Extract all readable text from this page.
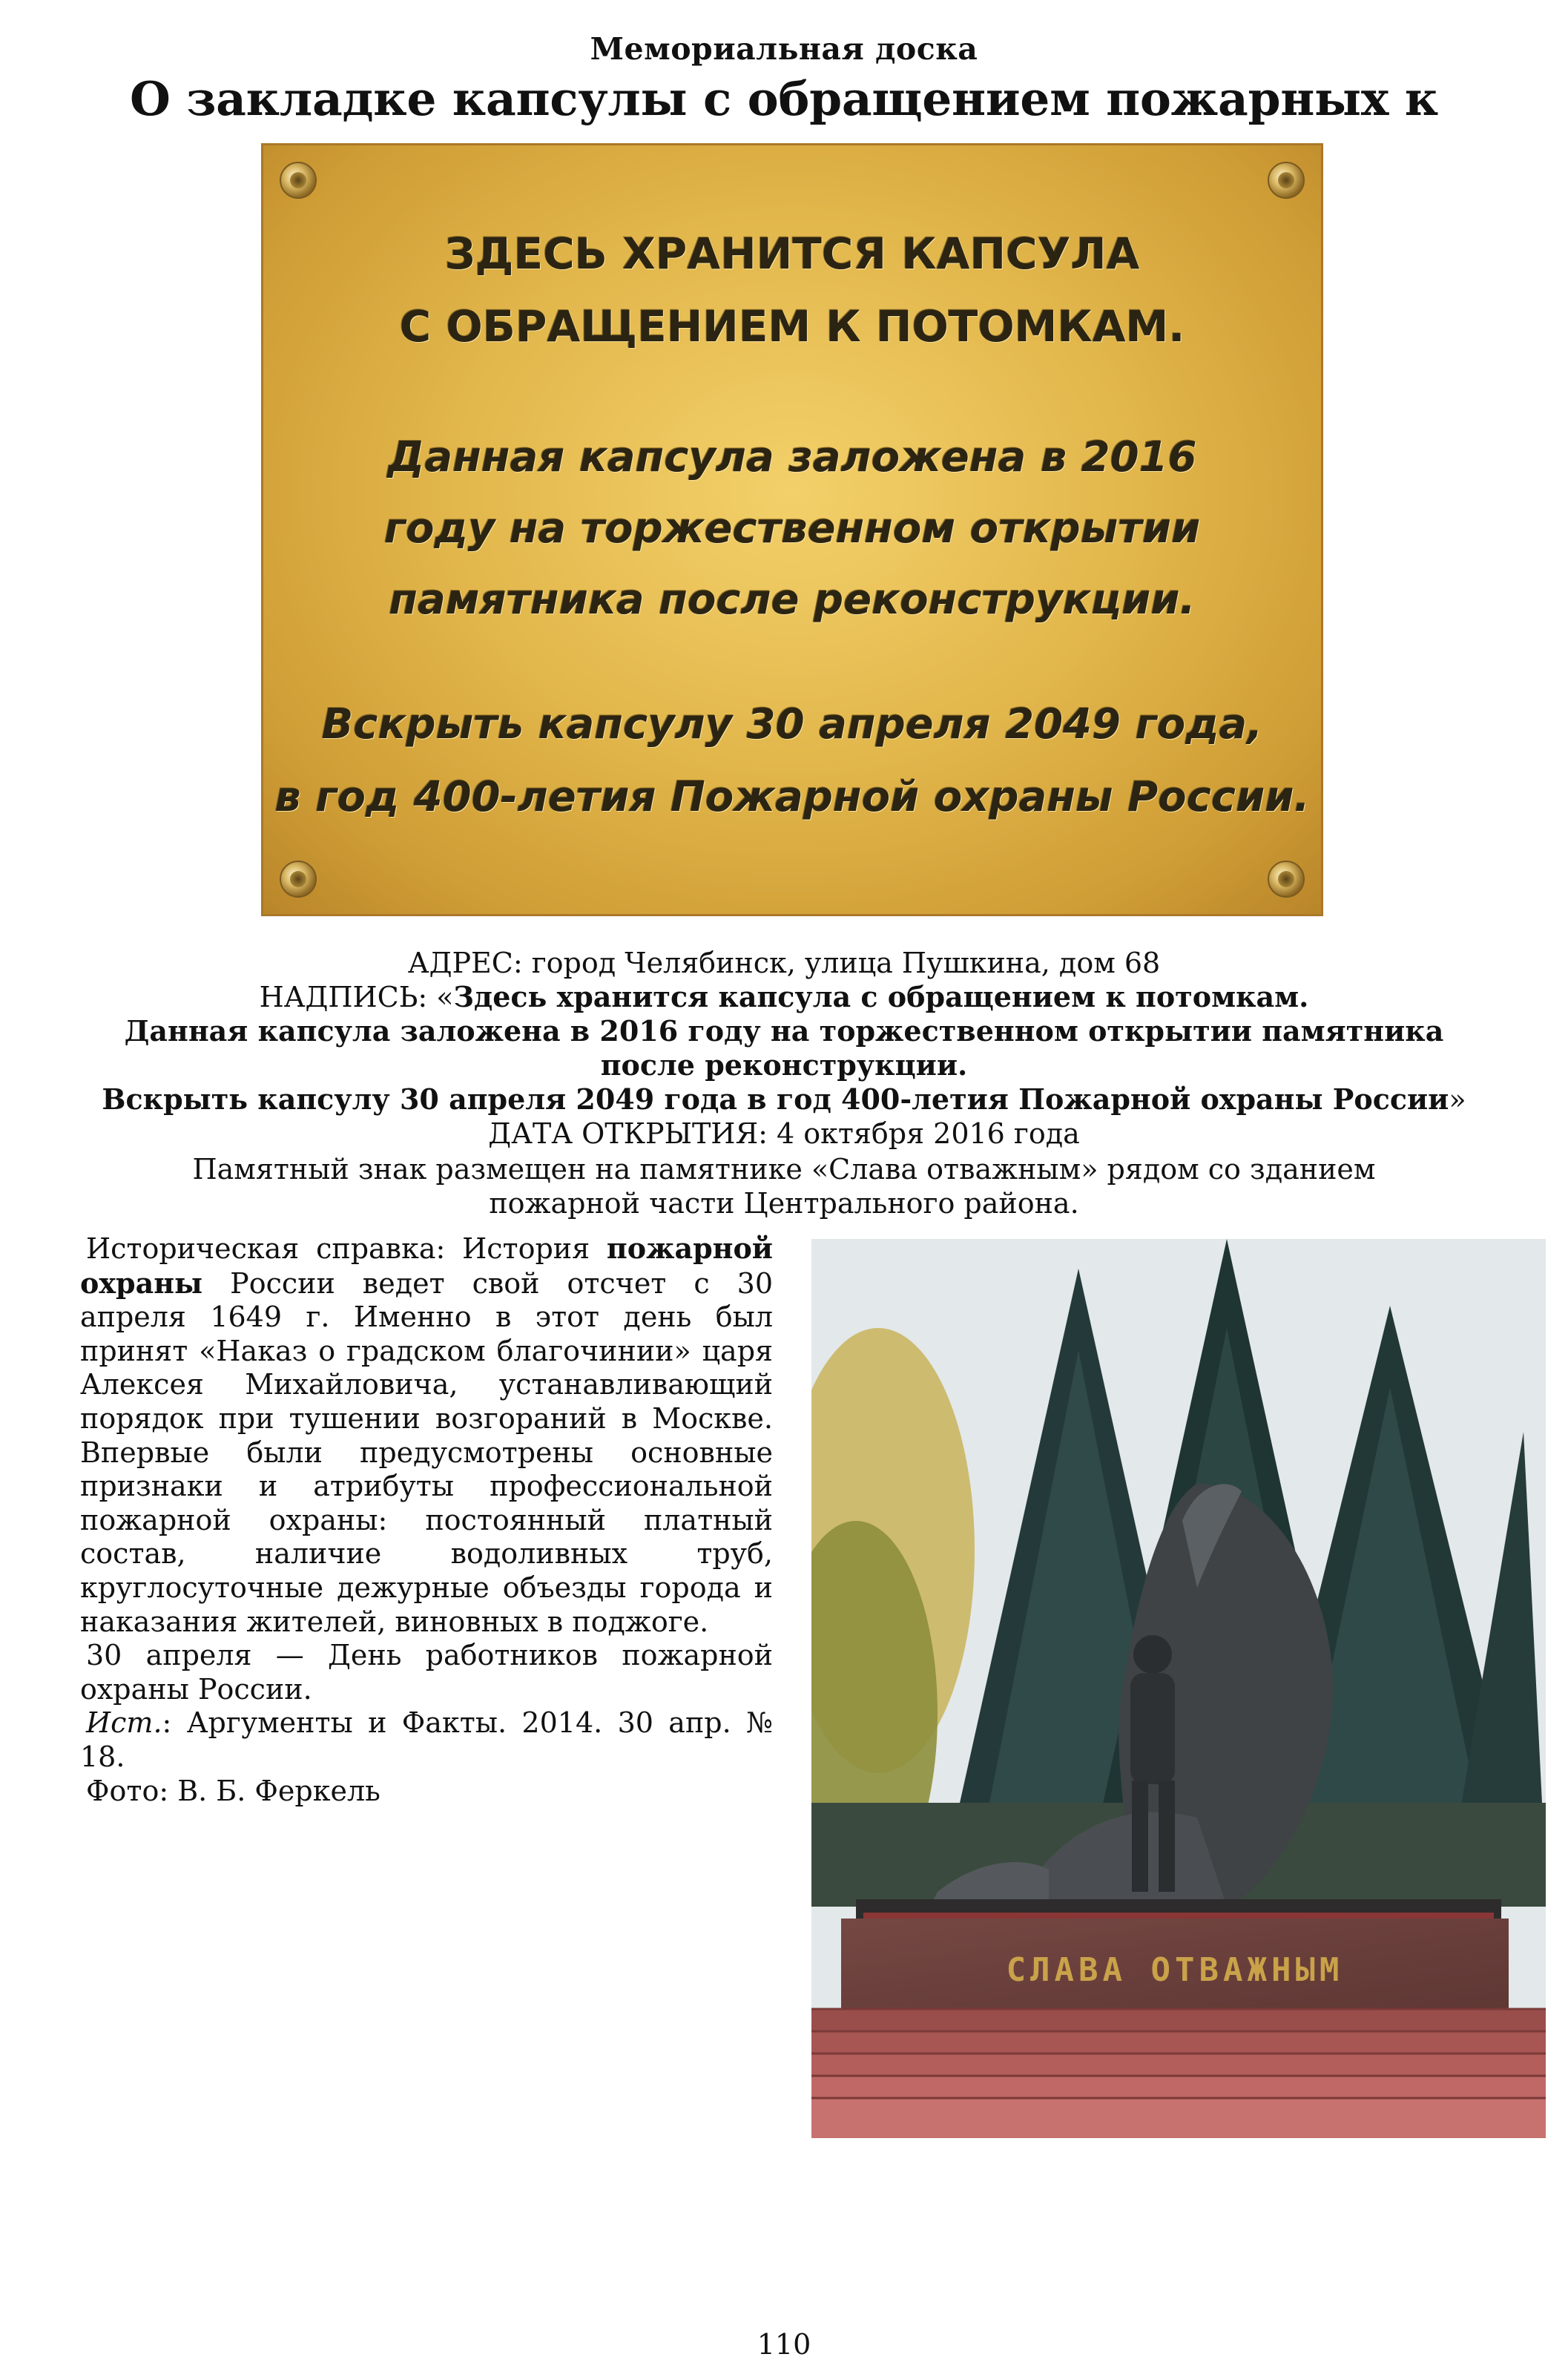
Мемориальная доска
О закладке капсулы с обращением пожарных к
ЗДЕСЬ ХРАНИТСЯ КАПСУЛА
С ОБРАЩЕНИЕМ К ПОТОМКАМ.
Данная капсула заложена в 2016
году на торжественном открытии
памятника после реконструкции.
Вскрыть капсулу 30 апреля 2049 года,
в год 400-летия Пожарной охраны России.
АДРЕС: город Челябинск, улица Пушкина, дом 68
НАДПИСЬ: «Здесь хранится капсула с обращением к потомкам.
Данная капсула заложена в 2016 году на торжественном открытии памятника
после реконструкции.
Вскрыть капсулу 30 апреля 2049 года в год 400-летия Пожарной охраны России»
ДАТА ОТКРЫТИЯ: 4 октября 2016 года
Памятный знак размещен на памятнике «Слава отважным» рядом со зданием
пожарной части Центрального района.

Историческая справка: История пожарной охраны России ведет свой отсчет с 30 апреля 1649 г. Именно в этот день был принят «Наказ о градском благочинии» царя Алексея Михайловича, устанавливающий порядок при тушении возгораний в Москве. Впервые были предусмотрены основные признаки и атрибуты профессиональной пожарной охраны: постоянный платный состав, наличие водоливных труб, круглосуточные дежурные объезды города и наказания жителей, виновных в поджоге.

30 апреля — День работников пожарной охраны России.

Ист.: Аргументы и Факты. 2014. 30 апр. № 18.

Фото: В. Б. Феркель

СЛАВА ОТВАЖНЫМ
110
